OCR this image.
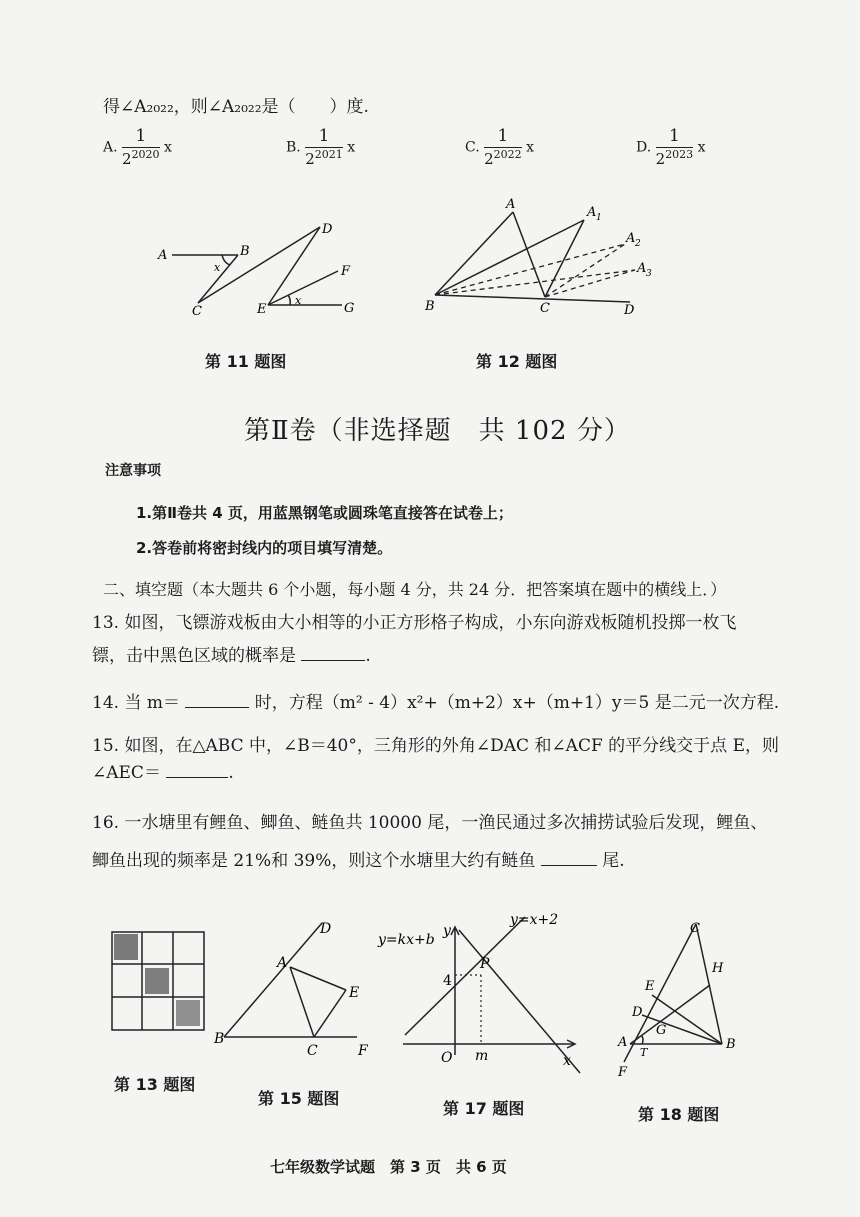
得∠A₂₀₂₂，则∠A₂₀₂₂是（　　）度.
A. $\frac{1}{2^{2020}}$ x	B. $\frac{1}{2^{2021}}$ x	C. $\frac{1}{2^{2022}}$ x	D. $\frac{1}{2^{2023}}$ x
A	B
C
D
E
F
G
x
x
第 11 题图
A
A 1
A 2
A 3
B	C	D
第 12 题图
第Ⅱ卷（非选择题　共 102 分）
注意事项
1.第Ⅱ卷共 4 页，用蓝黑钢笔或圆珠笔直接答在试卷上；
2.答卷前将密封线内的项目填写清楚。
二、填空题（本大题共 6 个小题，每小题 4 分，共 24 分．把答案填在题中的横线上．）
13. 如图，飞镖游戏板由大小相等的小正方形格子构成，小东向游戏板随机投掷一枚飞
镖，击中黑色区域的概率是	.
14. 当 m＝	时，方程（m² - 4）x²+（m+2）x+（m+1）y＝5 是二元一次方程.
15. 如图，在△ABC 中，∠B＝40°，三角形的外角∠DAC 和∠ACF 的平分线交于点 E，则
∠AEC＝	.
16. 一水塘里有鲤鱼、鲫鱼、鲢鱼共 10000 尾，一渔民通过多次捕捞试验后发现，鲤鱼、
鲫鱼出现的频率是 21%和 39%，则这个水塘里大约有鲢鱼	尾.
第 13 题图
B
A
D
E
C	F
第 15 题图
y=kx+b
y=x+2
y
x
O
P
4
m
第 17 题图
C
H
E
D
G
A
T
B
F
第 18 题图
七年级数学试题　第 3 页　共 6 页
